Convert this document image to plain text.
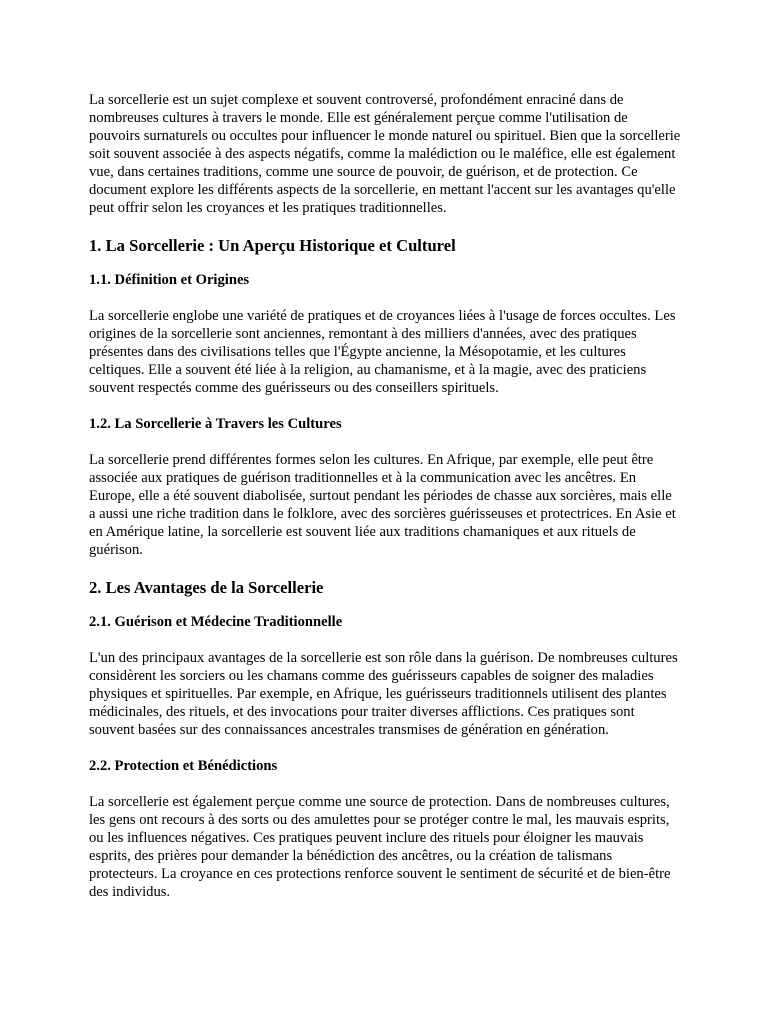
La sorcellerie est un sujet complexe et souvent controversé, profondément enraciné dans de nombreuses cultures à travers le monde. Elle est généralement perçue comme l'utilisation de pouvoirs surnaturels ou occultes pour influencer le monde naturel ou spirituel. Bien que la sorcellerie soit souvent associée à des aspects négatifs, comme la malédiction ou le maléfice, elle est également vue, dans certaines traditions, comme une source de pouvoir, de guérison, et de protection. Ce document explore les différents aspects de la sorcellerie, en mettant l'accent sur les avantages qu'elle peut offrir selon les croyances et les pratiques traditionnelles.

1. La Sorcellerie : Un Aperçu Historique et Culturel
1.1. Définition et Origines

La sorcellerie englobe une variété de pratiques et de croyances liées à l'usage de forces occultes. Les origines de la sorcellerie sont anciennes, remontant à des milliers d'années, avec des pratiques présentes dans des civilisations telles que l'Égypte ancienne, la Mésopotamie, et les cultures celtiques. Elle a souvent été liée à la religion, au chamanisme, et à la magie, avec des praticiens souvent respectés comme des guérisseurs ou des conseillers spirituels.

1.2. La Sorcellerie à Travers les Cultures

La sorcellerie prend différentes formes selon les cultures. En Afrique, par exemple, elle peut être associée aux pratiques de guérison traditionnelles et à la communication avec les ancêtres. En Europe, elle a été souvent diabolisée, surtout pendant les périodes de chasse aux sorcières, mais elle a aussi une riche tradition dans le folklore, avec des sorcières guérisseuses et protectrices. En Asie et en Amérique latine, la sorcellerie est souvent liée aux traditions chamaniques et aux rituels de guérison.

2. Les Avantages de la Sorcellerie
2.1. Guérison et Médecine Traditionnelle

L'un des principaux avantages de la sorcellerie est son rôle dans la guérison. De nombreuses cultures considèrent les sorciers ou les chamans comme des guérisseurs capables de soigner des maladies physiques et spirituelles. Par exemple, en Afrique, les guérisseurs traditionnels utilisent des plantes médicinales, des rituels, et des invocations pour traiter diverses afflictions. Ces pratiques sont souvent basées sur des connaissances ancestrales transmises de génération en génération.

2.2. Protection et Bénédictions

La sorcellerie est également perçue comme une source de protection. Dans de nombreuses cultures, les gens ont recours à des sorts ou des amulettes pour se protéger contre le mal, les mauvais esprits, ou les influences négatives. Ces pratiques peuvent inclure des rituels pour éloigner les mauvais esprits, des prières pour demander la bénédiction des ancêtres, ou la création de talismans protecteurs. La croyance en ces protections renforce souvent le sentiment de sécurité et de bien-être des individus.
